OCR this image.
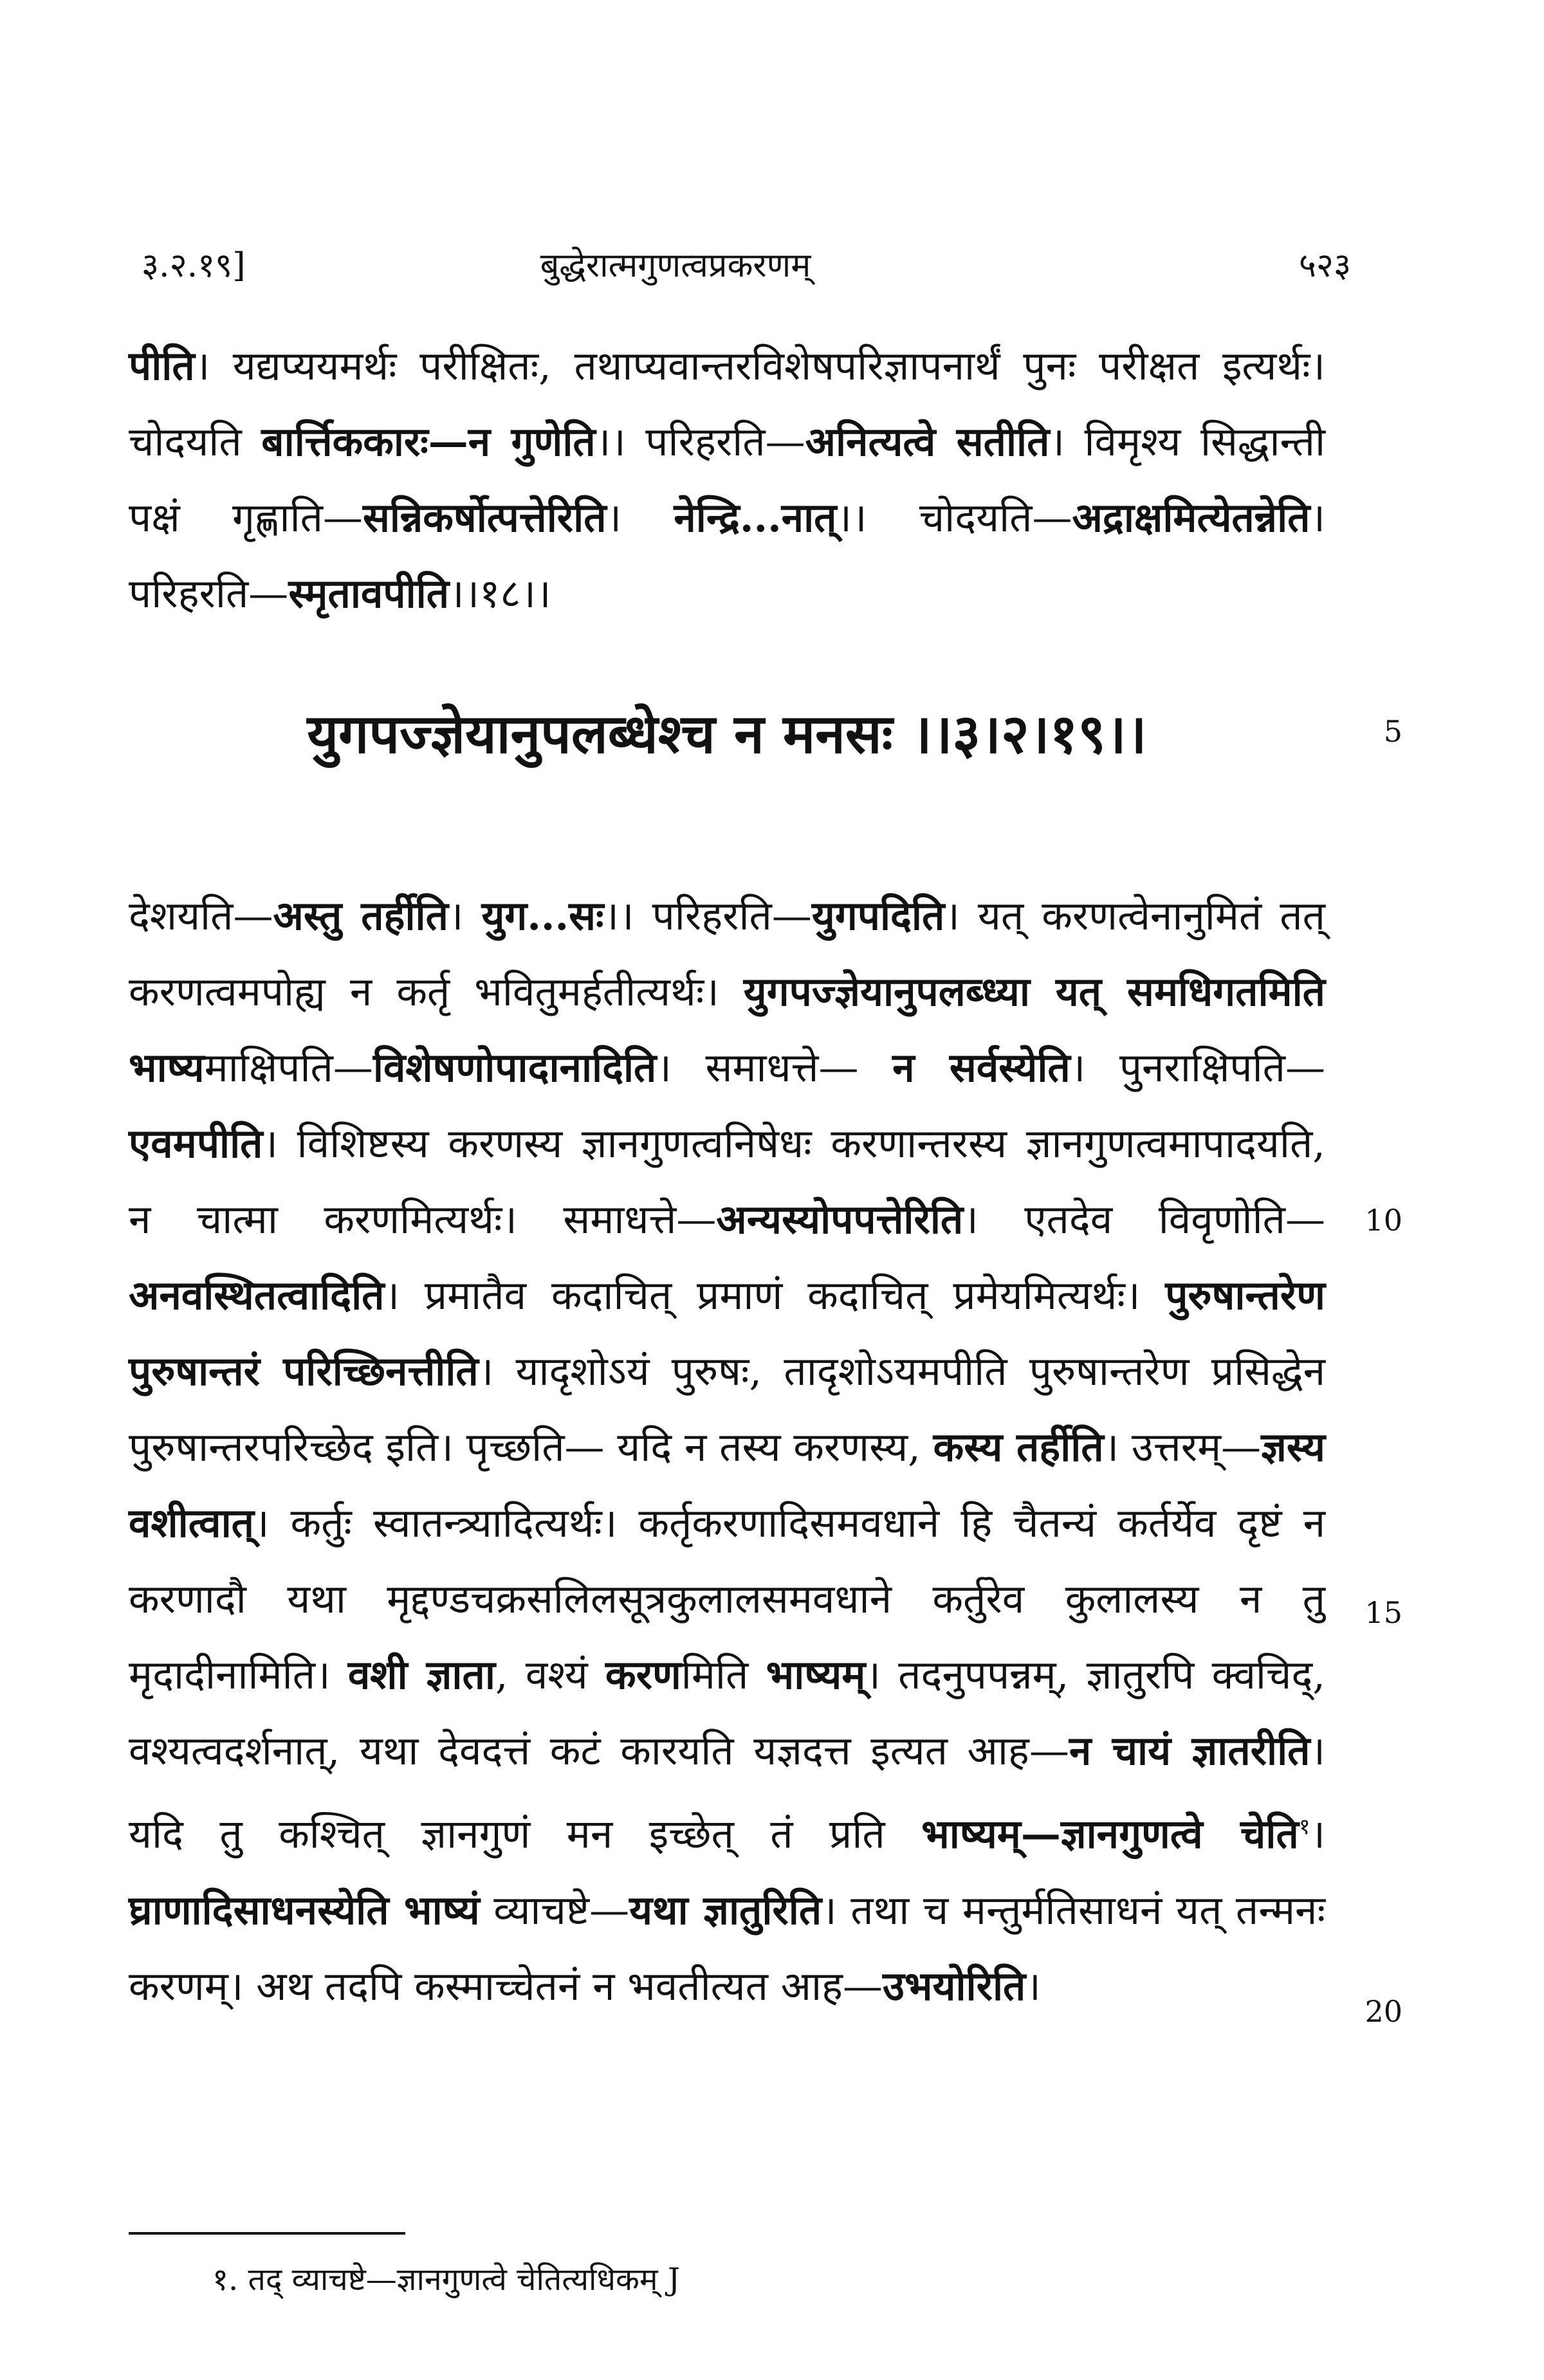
३.२.१९]	बुद्धेरात्मगुणत्वप्रकरणम्	५२३
पीति। यद्यप्ययमर्थः परीक्षितः, तथाप्यवान्तरविशेषपरिज्ञापनार्थं पुनः परीक्षत इत्यर्थः। चोदयति बार्त्तिककारः—न गुणेति।। परिहरति—अनित्यत्वे सतीति। विमृश्य सिद्धान्ती पक्षं गृह्णाति—सन्निकर्षोत्पत्तेरिति। नेन्द्रि...नात्।। चोदयति—अद्राक्षमित्येतन्नेति। परिहरति—स्मृतावपीति।।१८।।
युगपज्ज्ञेयानुपलब्धेश्च न मनसः ।।३।२।१९।।
देशयति—अस्तु तर्हीति। युग...सः।। परिहरति—युगपदिति। यत् करणत्वेनानुमितं तत् करणत्वमपोह्य न कर्तृ भवितुमर्हतीत्यर्थः। युगपज्ज्ञेयानुपलब्ध्या यत् समधिगतमिति भाष्यमाक्षिपति—विशेषणोपादानादिति। समाधत्ते— न सर्वस्येति। पुनराक्षिपति—एवमपीति। विशिष्टस्य करणस्य ज्ञानगुणत्वनिषेधः करणान्तरस्य ज्ञानगुणत्वमापादयति, न चात्मा करणमित्यर्थः। समाधत्ते—अन्यस्योपपत्तेरिति। एतदेव विवृणोति—अनवस्थितत्वादिति। प्रमातैव कदाचित् प्रमाणं कदाचित् प्रमेयमित्यर्थः। पुरुषान्तरेण पुरुषान्तरं परिच्छिनत्तीति। यादृशोऽयं पुरुषः, तादृशोऽयमपीति पुरुषान्तरेण प्रसिद्धेन पुरुषान्तरपरिच्छेद इति। पृच्छति— यदि न तस्य करणस्य, कस्य तर्हीति। उत्तरम्—ज्ञस्य वशीत्वात्। कर्तुः स्वातन्त्र्यादित्यर्थः। कर्तृकरणादिसमवधाने हि चैतन्यं कर्तर्येव दृष्टं न करणादौ यथा मृद्दण्डचक्रसलिलसूत्रकुलालसमवधाने कर्तुरेव कुलालस्य न तु मृदादीनामिति। वशी ज्ञाता, वश्यं करणमिति भाष्यम्। तदनुपपन्नम्, ज्ञातुरपि क्वचिद्, वश्यत्वदर्शनात्, यथा देवदत्तं कटं कारयति यज्ञदत्त इत्यत आह—न चायं ज्ञातरीति। यदि तु कश्चित् ज्ञानगुणं मन इच्छेत् तं प्रति भाष्यम्—ज्ञानगुणत्वे चेति$^१$। घ्राणादिसाधनस्येति भाष्यं व्याचष्टे—यथा ज्ञातुरिति। तथा च मन्तुर्मतिसाधनं यत् तन्मनः करणम्। अथ तदपि कस्माच्चेतनं न भवतीत्यत आह—उभयोरिति।
5
10
15
20
१. तद् व्याचष्टे—ज्ञानगुणत्वे चेतित्यधिकम् J
